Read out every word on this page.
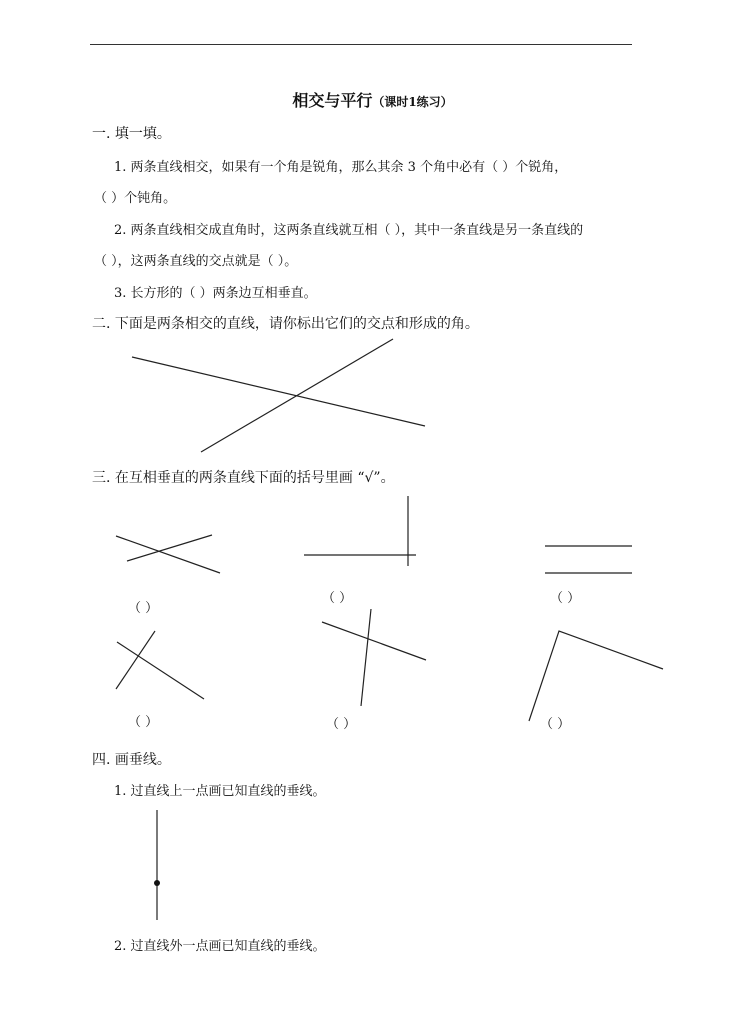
相交与平行（课时1练习）
一. 填一填。
1. 两条直线相交，如果有一个角是锐角，那么其余 3 个角中必有（ ）个锐角，
（ ）个钝角。
2. 两条直线相交成直角时，这两条直线就互相（ ），其中一条直线是另一条直线的
（ ），这两条直线的交点就是（ ）。
3. 长方形的（ ）两条边互相垂直。
二. 下面是两条相交的直线，请你标出它们的交点和形成的角。
三. 在互相垂直的两条直线下面的括号里画 “√”。
（ ）
（ ）	（ ）
（ ）	（ ）	（ ）
四. 画垂线。
1. 过直线上一点画已知直线的垂线。
2. 过直线外一点画已知直线的垂线。
